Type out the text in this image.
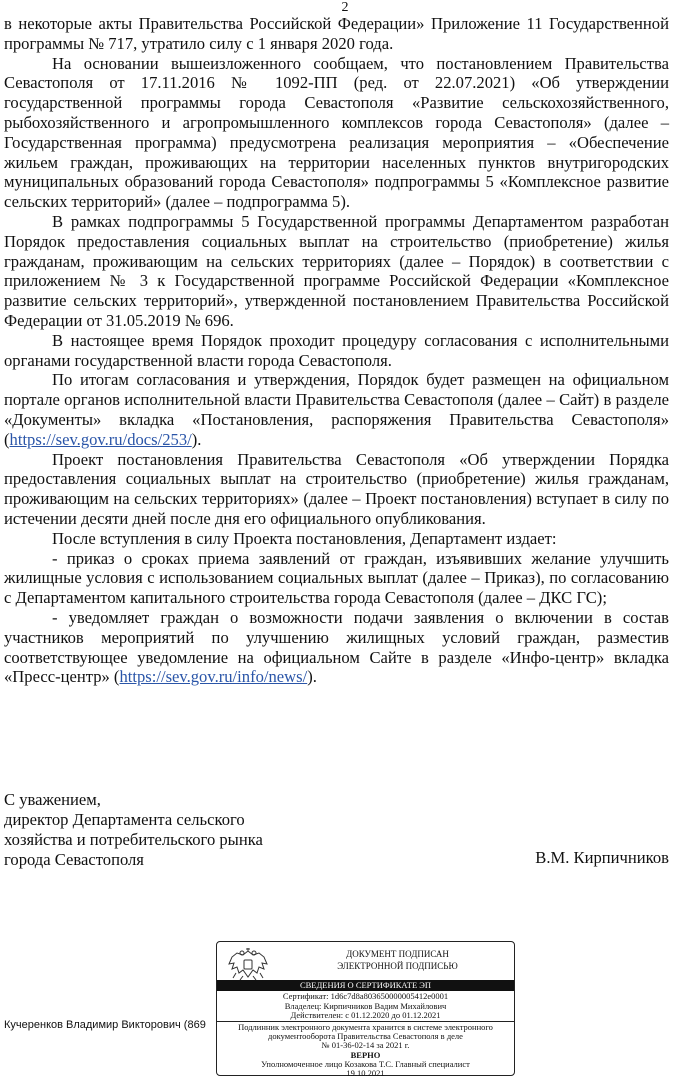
2

в некоторые акты Правительства Российской Федерации» Приложение 11 Государственной программы № 717, утратило силу с 1 января 2020 года.

На основании вышеизложенного сообщаем, что постановлением Правительства Севастополя от 17.11.2016 № 1092-ПП (ред. от 22.07.2021) «Об утверждении государственной программы города Севастополя «Развитие сельскохозяйственного, рыбохозяйственного и агропромышленного комплексов города Севастополя» (далее – Государственная программа) предусмотрена реализация мероприятия – «Обеспечение жильем граждан, проживающих на территории населенных пунктов внутригородских муниципальных образований города Севастополя» подпрограммы 5 «Комплексное развитие сельских территорий» (далее – подпрограмма 5).

В рамках подпрограммы 5 Государственной программы Департаментом разработан Порядок предоставления социальных выплат на строительство (приобретение) жилья гражданам, проживающим на сельских территориях (далее – Порядок) в соответствии с приложением № 3 к Государственной программе Российской Федерации «Комплексное развитие сельских территорий», утвержденной постановлением Правительства Российской Федерации от 31.05.2019 № 696.

В настоящее время Порядок проходит процедуру согласования с исполнительными органами государственной власти города Севастополя.

По итогам согласования и утверждения, Порядок будет размещен на официальном портале органов исполнительной власти Правительства Севастополя (далее – Сайт) в разделе «Документы» вкладка «Постановления, распоряжения Правительства Севастополя» (https://sev.gov.ru/docs/253/).

Проект постановления Правительства Севастополя «Об утверждении Порядка предоставления социальных выплат на строительство (приобретение) жилья гражданам, проживающим на сельских территориях» (далее – Проект постановления) вступает в силу по истечении десяти дней после дня его официального опубликования.

После вступления в силу Проекта постановления, Департамент издает:

- приказ о сроках приема заявлений от граждан, изъявивших желание улучшить жилищные условия с использованием социальных выплат (далее – Приказ), по согласованию с Департаментом капитального строительства города Севастополя (далее – ДКС ГС);

- уведомляет граждан о возможности подачи заявления о включении в состав участников мероприятий по улучшению жилищных условий граждан, разместив соответствующее уведомление на официальном Сайте в разделе «Инфо-центр» вкладка «Пресс-центр» (https://sev.gov.ru/info/news/).

С уважением,
директор Департамента сельского
хозяйства и потребительского рынка
города Севастополя	В.М. Кирпичников
Кучеренков Владимир Викторович (869
ДОКУМЕНТ ПОДПИСАН
ЭЛЕКТРОННОЙ ПОДПИСЬЮ
СВЕДЕНИЯ О СЕРТИФИКАТЕ ЭП
Сертификат: 1d6c7d8a803650000005412e0001
Владелец: Кирпичников Вадим Михайлович
Действителен: с 01.12.2020 до 01.12.2021
Подлинник электронного документа хранится в системе электронного
документооборота Правительства Севастополя в деле
№ 01-36-02-14 за 2021 г.
ВЕРНО
Уполномоченное лицо Козакова Т.С. Главный специалист
19.10.2021
